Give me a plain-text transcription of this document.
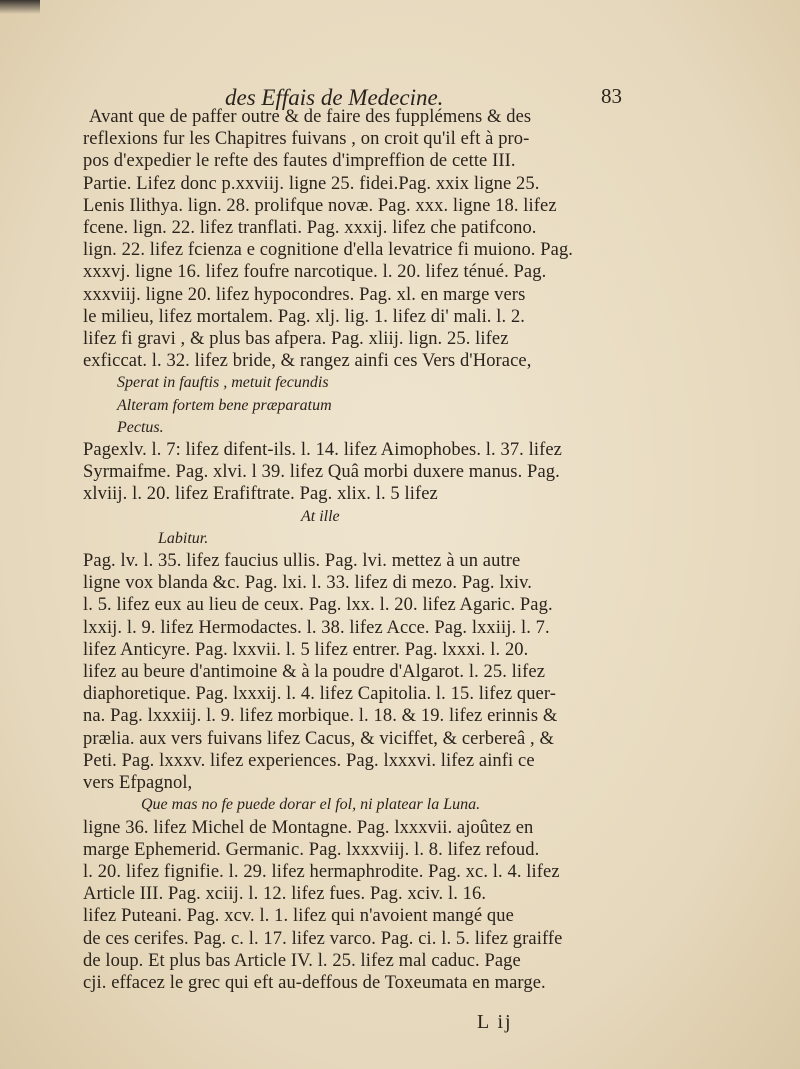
des Effais de Medecine.	83
Avant que de paffer outre & de faire des fupplémens & des
reflexions fur les Chapitres fuivans , on croit qu'il eft à pro-
pos d'expedier le refte des fautes d'impreffion de cette III.
Partie. Lifez donc p.xxviij. ligne 25. fidei.Pag. xxix ligne 25.
Lenis Ilithya. lign. 28. prolifque novæ. Pag. xxx. ligne 18. lifez
fcene. lign. 22. lifez tranflati. Pag. xxxij. lifez che patifcono.
lign. 22. lifez fcienza e cognitione d'ella levatrice fi muiono. Pag.
xxxvj. ligne 16. lifez foufre narcotique. l. 20. lifez ténué. Pag.
xxxviij. ligne 20. lifez hypocondres. Pag. xl. en marge vers
le milieu, lifez mortalem. Pag. xlj. lig. 1. lifez di' mali. l. 2.
lifez fi gravi , & plus bas afpera. Pag. xliij. lign. 25. lifez
exficcat. l. 32. lifez bride, & rangez ainfi ces Vers d'Horace,
Sperat in fauftis , metuit fecundis
Alteram fortem bene præparatum
Pectus.
Pagexlv. l. 7: lifez difent-ils. l. 14. lifez Aimophobes. l. 37. lifez
Syrmaifme. Pag. xlvi. l 39. lifez Quâ morbi duxere manus. Pag.
xlviij. l. 20. lifez Erafiftrate. Pag. xlix. l. 5 lifez
At ille
Labitur.
Pag. lv. l. 35. lifez faucius ullis. Pag. lvi. mettez à un autre
ligne vox blanda &c. Pag. lxi. l. 33. lifez di mezo. Pag. lxiv.
l. 5. lifez eux au lieu de ceux. Pag. lxx. l. 20. lifez Agaric. Pag.
lxxij. l. 9. lifez Hermodactes. l. 38. lifez Acce. Pag. lxxiij. l. 7.
lifez Anticyre. Pag. lxxvii. l. 5 lifez entrer. Pag. lxxxi. l. 20.
lifez au beure d'antimoine & à la poudre d'Algarot. l. 25. lifez
diaphoretique. Pag. lxxxij. l. 4. lifez Capitolia. l. 15. lifez quer-
na. Pag. lxxxiij. l. 9. lifez morbique. l. 18. & 19. lifez erinnis &
prælia. aux vers fuivans lifez Cacus, & viciffet, & cerbereâ , &
Peti. Pag. lxxxv. lifez experiences. Pag. lxxxvi. lifez ainfi ce
vers Efpagnol,
Que mas no fe puede dorar el fol, ni platear la Luna.
ligne 36. lifez Michel de Montagne. Pag. lxxxvii. ajoûtez en
marge Ephemerid. Germanic. Pag. lxxxviij. l. 8. lifez refoud.
l. 20. lifez fignifie. l. 29. lifez hermaphrodite. Pag. xc. l. 4. lifez
Article III. Pag. xciij. l. 12. lifez fues. Pag. xciv. l. 16.
lifez Puteani. Pag. xcv. l. 1. lifez qui n'avoient mangé que
de ces cerifes. Pag. c. l. 17. lifez varco. Pag. ci. l. 5. lifez graiffe
de loup. Et plus bas Article IV. l. 25. lifez mal caduc. Page
cji. effacez le grec qui eft au-deffous de Toxeumata en marge.
L ij
